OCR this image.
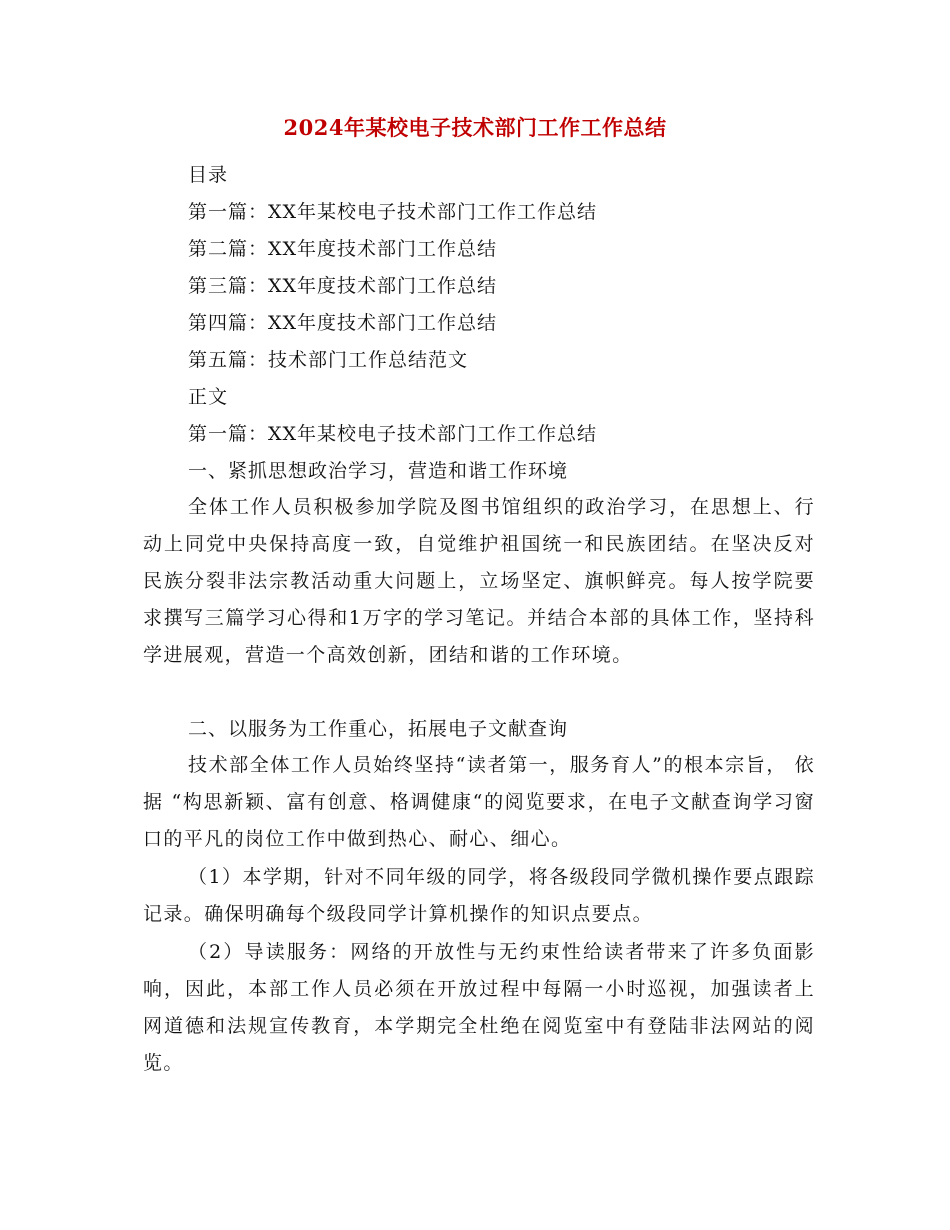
2024年某校电子技术部门工作工作总结
目录
第一篇：XX年某校电子技术部门工作工作总结
第二篇：XX年度技术部门工作总结
第三篇：XX年度技术部门工作总结
第四篇：XX年度技术部门工作总结
第五篇：技术部门工作总结范文
正文
第一篇：XX年某校电子技术部门工作工作总结
一、紧抓思想政治学习，营造和谐工作环境
全体工作人员积极参加学院及图书馆组织的政治学习，在思想上、行动上同党中央保持高度一致，自觉维护祖国统一和民族团结。在坚决反对民族分裂非法宗教活动重大问题上，立场坚定、旗帜鲜亮。每人按学院要求撰写三篇学习心得和1万字的学习笔记。并结合本部的具体工作，坚持科学进展观，营造一个高效创新，团结和谐的工作环境。
二、以服务为工作重心，拓展电子文献查询
技术部全体工作人员始终坚持“读者第一，服务育人”的根本宗旨， 依据 “构思新颖、富有创意、格调健康“的阅览要求，在电子文献查询学习窗口的平凡的岗位工作中做到热心、耐心、细心。
（1）本学期，针对不同年级的同学，将各级段同学微机操作要点跟踪记录。确保明确每个级段同学计算机操作的知识点要点。
（2）导读服务：网络的开放性与无约束性给读者带来了许多负面影响，因此，本部工作人员必须在开放过程中每隔一小时巡视，加强读者上网道德和法规宣传教育，本学期完全杜绝在阅览室中有登陆非法网站的阅览。
